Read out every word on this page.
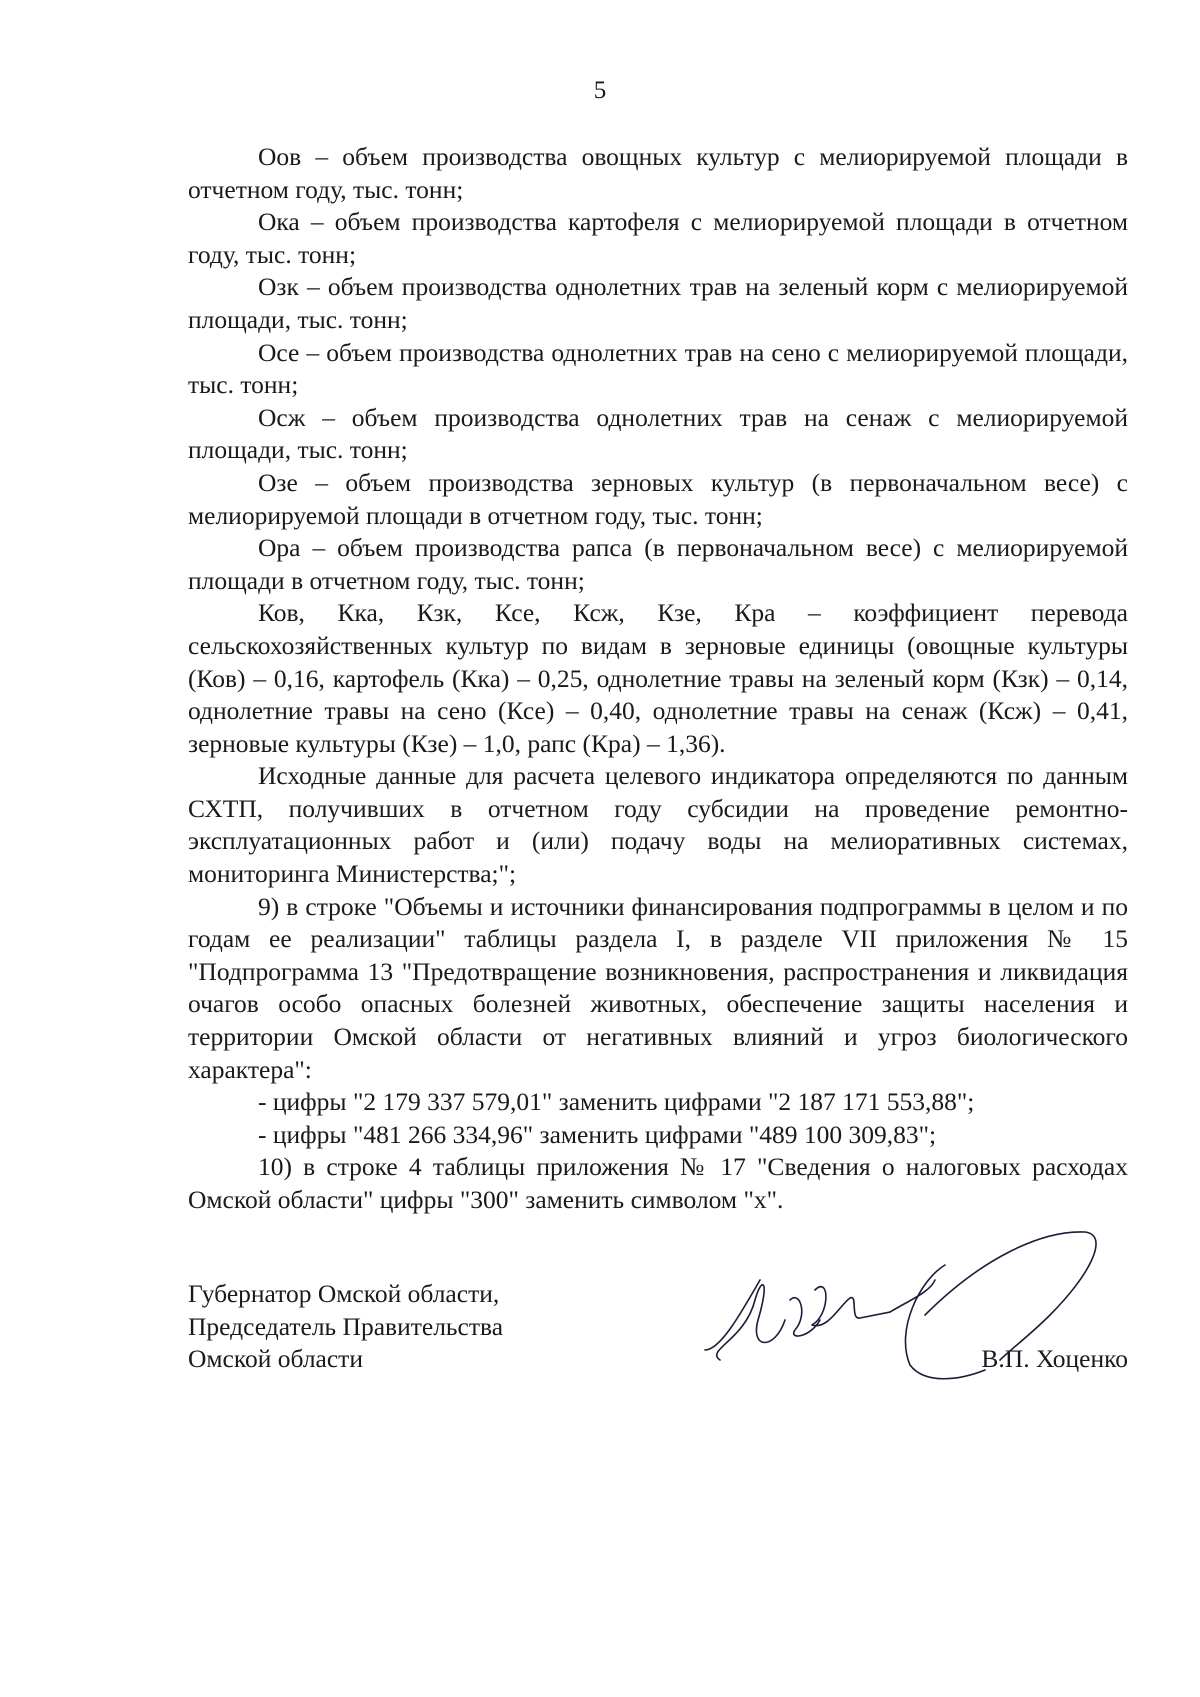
5

Оов – объем производства овощных культур с мелиорируемой площади в отчетном году, тыс. тонн;

Ока – объем производства картофеля с мелиорируемой площади в отчетном году, тыс. тонн;

Озк – объем производства однолетних трав на зеленый корм с мелиорируемой площади, тыс. тонн;

Осе – объем производства однолетних трав на сено с мелиорируемой площади, тыс. тонн;

Осж – объем производства однолетних трав на сенаж с мелиорируемой площади, тыс. тонн;

Озе – объем производства зерновых культур (в первоначальном весе) с мелиорируемой площади в отчетном году, тыс. тонн;

Ора – объем производства рапса (в первоначальном весе) с мелиорируемой площади в отчетном году, тыс. тонн;

Ков, Кка, Кзк, Ксе, Ксж, Кзе, Кра – коэффициент перевода сельскохозяйственных культур по видам в зерновые единицы (овощные культуры (Ков) – 0,16, картофель (Кка) – 0,25, однолетние травы на зеленый корм (Кзк) – 0,14, однолетние травы на сено (Ксе) – 0,40, однолетние травы на сенаж (Ксж) – 0,41, зерновые культуры (Кзе) – 1,0, рапс (Кра) – 1,36).

Исходные данные для расчета целевого индикатора определяются по данным СХТП, получивших в отчетном году субсидии на проведение ремонтно-эксплуатационных работ и (или) подачу воды на мелиоративных системах, мониторинга Министерства;";

9) в строке "Объемы и источники финансирования подпрограммы в целом и по годам ее реализации" таблицы раздела I, в разделе VII приложения № 15 "Подпрограмма 13 "Предотвращение возникновения, распространения и ликвидация очагов особо опасных болезней животных, обеспечение защиты населения и территории Омской области от негативных влияний и угроз биологического характера":

- цифры "2 179 337 579,01" заменить цифрами "2 187 171 553,88";

- цифры "481 266 334,96" заменить цифрами "489 100 309,83";

10) в строке 4 таблицы приложения № 17 "Сведения о налоговых расходах Омской области" цифры "300" заменить символом "х".

Губернатор Омской области,
Председатель Правительства
Омской области	В.П. Хоценко
